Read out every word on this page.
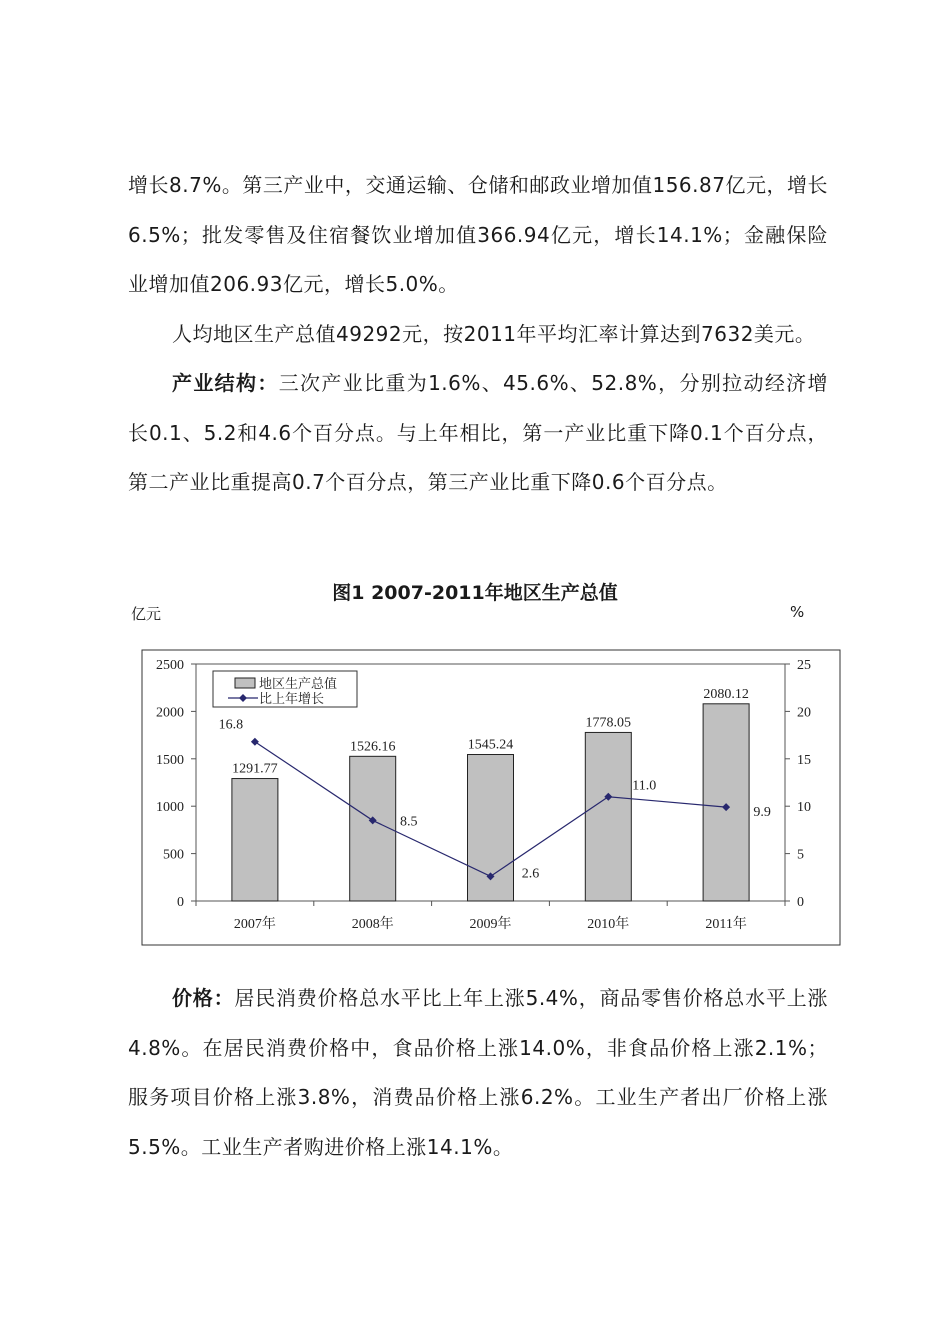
增长8.7%。第三产业中，交通运输、仓储和邮政业增加值156.87亿元，增长6.5%；批发零售及住宿餐饮业增加值366.94亿元，增长14.1%；金融保险业增加值206.93亿元，增长5.0%。

人均地区生产总值49292元，按2011年平均汇率计算达到7632美元。

产业结构：三次产业比重为1.6%、45.6%、52.8%，分别拉动经济增长0.1、5.2和4.6个百分点。与上年相比，第一产业比重下降0.1个百分点，第二产业比重提高0.7个百分点，第三产业比重下降0.6个百分点。

图1 2007-2011年地区生产总值
亿元	%
0
500
1000
1500
2000
2500
0
5
10
15
20
25
2007年	2008年	2009年	2010年	2011年
1291.77
1526.16	1545.24
1778.05
2080.12
16.8
8.5
2.6
11.0
9.9
地区生产总值
比上年增长

价格：居民消费价格总水平比上年上涨5.4%，商品零售价格总水平上涨4.8%。在居民消费价格中，食品价格上涨14.0%，非食品价格上涨2.1%；服务项目价格上涨3.8%，消费品价格上涨6.2%。工业生产者出厂价格上涨5.5%。工业生产者购进价格上涨14.1%。
